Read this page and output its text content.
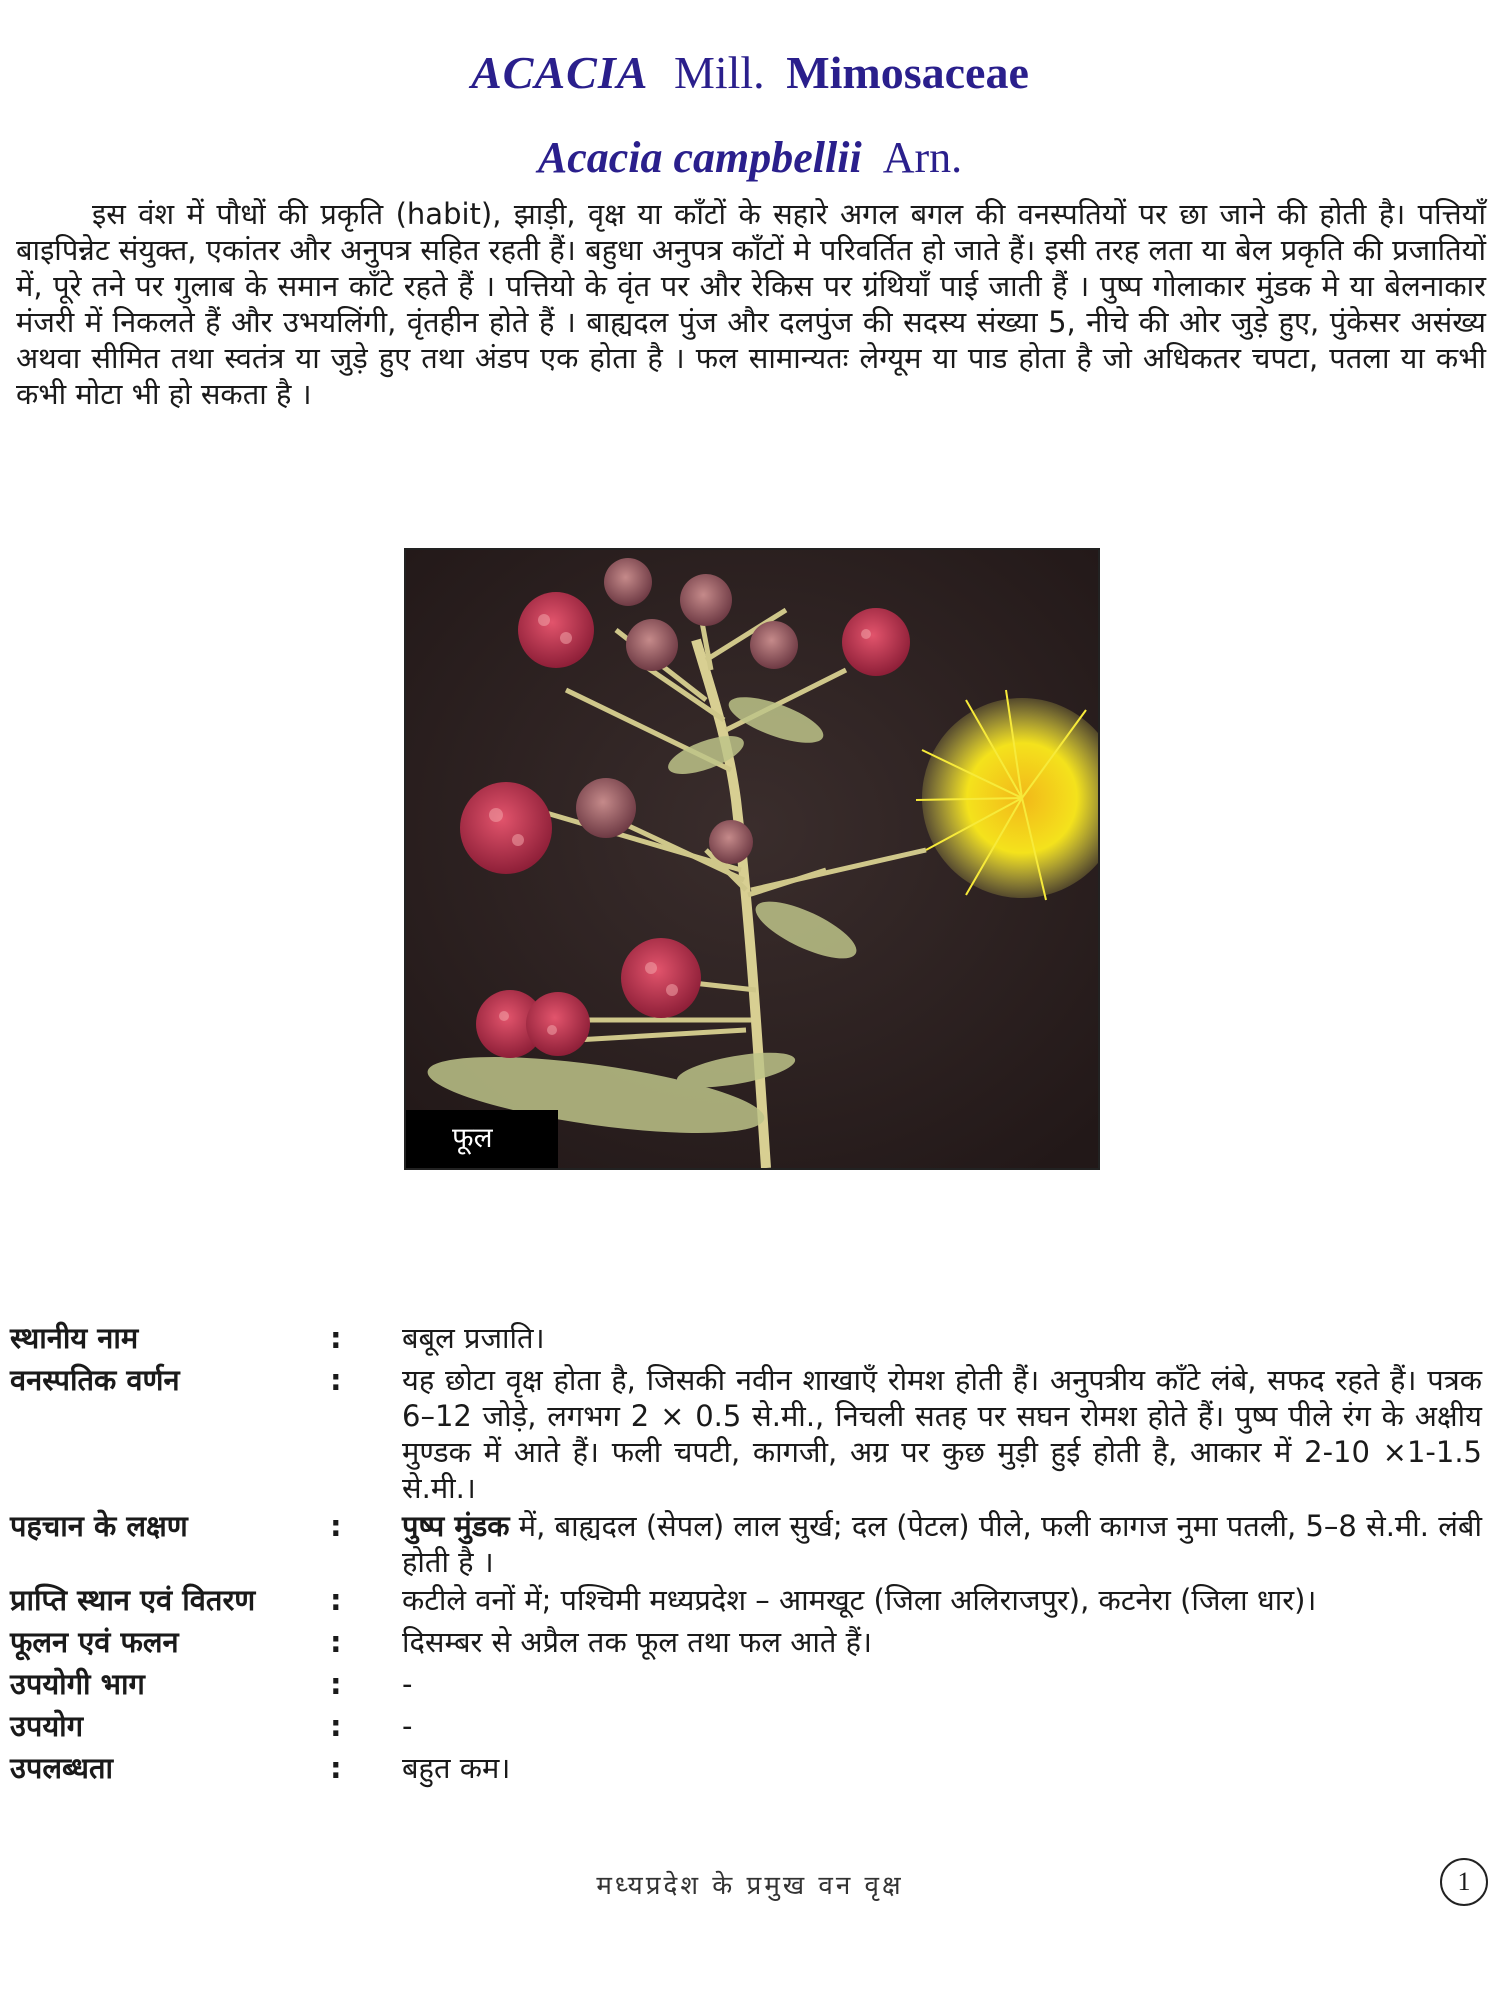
ACACIA Mill. Mimosaceae
Acacia campbellii Arn.

इस वंश में पौधों की प्रकृति (habit), झाड़ी, वृक्ष या काँटों के सहारे अगल बगल की वनस्पतियों पर छा जाने की होती है। पत्तियाँ बाइपिन्नेट संयुक्त, एकांतर और अनुपत्र सहित रहती हैं। बहुधा अनुपत्र काँटों मे परिवर्तित हो जाते हैं। इसी तरह लता या बेल प्रकृति की प्रजातियों में, पूरे तने पर गुलाब के समान काँटे रहते हैं । पत्तियो के वृंत पर और रेकिस पर ग्रंथियाँ पाई जाती हैं । पुष्प गोलाकार मुंडक मे या बेलनाकार मंजरी में निकलते हैं और उभयलिंगी, वृंतहीन होते हैं । बाह्यदल पुंज और दलपुंज की सदस्य संख्या 5, नीचे की ओर जुड़े हुए, पुंकेसर असंख्य अथवा सीमित तथा स्वतंत्र या जुड़े हुए तथा अंडप एक होता है । फल सामान्यतः लेग्यूम या पाड होता है जो अधिकतर चपटा, पतला या कभी कभी मोटा भी हो सकता है ।

फूल
स्थानीय नाम	: बबूल प्रजाति।
वनस्पतिक वर्णन	: यह छोटा वृक्ष होता है, जिसकी नवीन शाखाएँ रोमश होती हैं। अनुपत्रीय काँटे लंबे, सफद रहते हैं। पत्रक 6–12 जोड़े, लगभग 2 × 0.5 से.मी., निचली सतह पर सघन रोमश होते हैं। पुष्प पीले रंग के अक्षीय मुण्डक में आते हैं। फली चपटी, कागजी, अग्र पर कुछ मुड़ी हुई होती है, आकार में 2-10 ×1-1.5 से.मी.।
पहचान के लक्षण	: पुष्प मुंडक में, बाह्यदल (सेपल) लाल सुर्ख; दल (पेटल) पीले, फली कागज नुमा पतली, 5–8 से.मी. लंबी होती है ।
प्राप्ति स्थान एवं वितरण	: कटीले वनों में; पश्चिमी मध्यप्रदेश – आमखूट (जिला अलिराजपुर), कटनेरा (जिला धार)।
फूलन एवं फलन	: दिसम्बर से अप्रैल तक फूल तथा फल आते हैं।
उपयोगी भाग	: -
उपयोग	: -
उपलब्धता	: बहुत कम।
मध्यप्रदेश के प्रमुख वन वृक्ष	1
